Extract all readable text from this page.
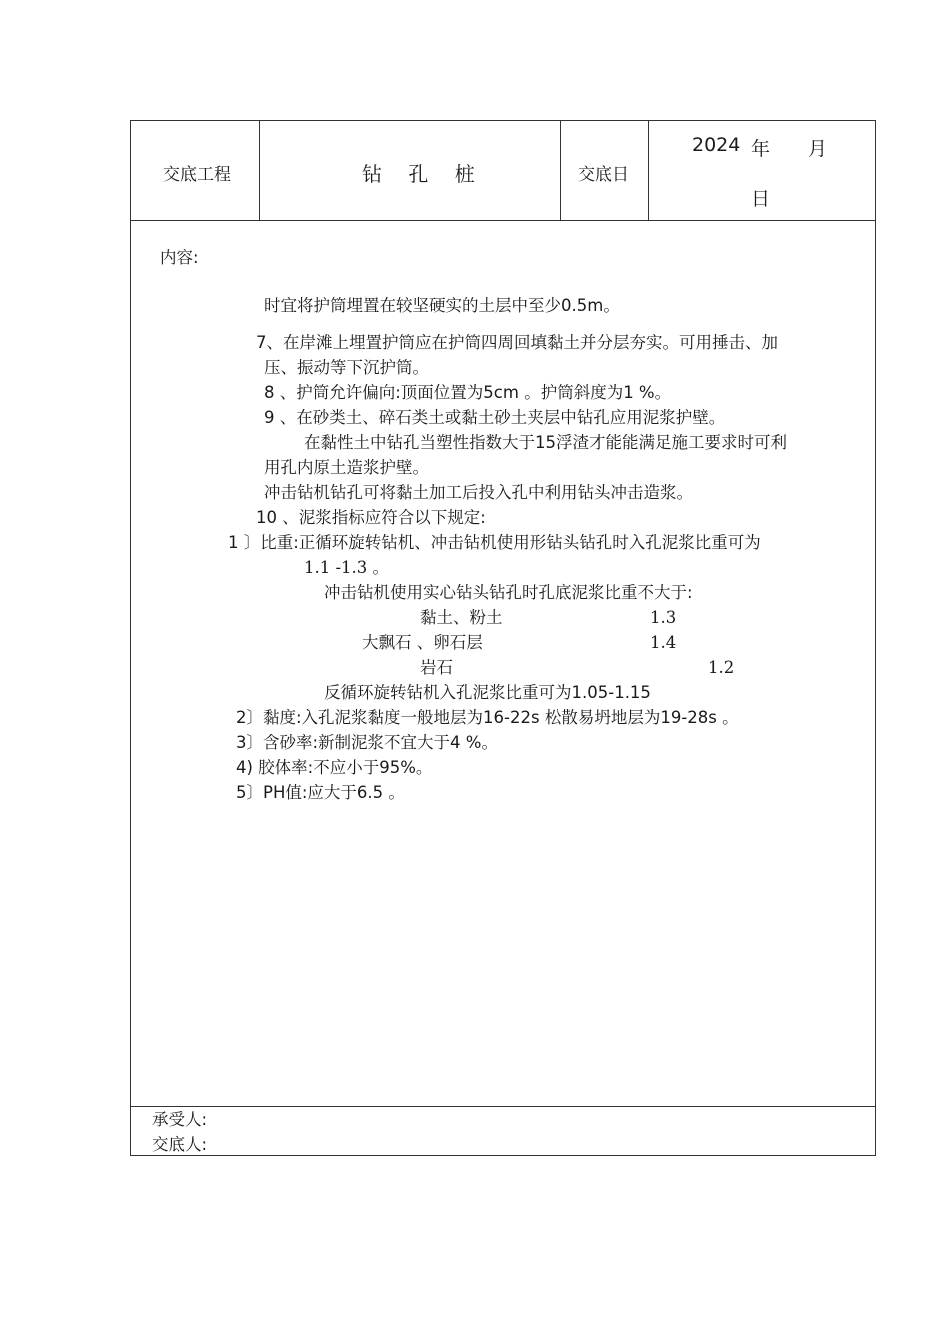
交底工程	钻 孔 桩	交底日
2024 年 月
日
内容:
时宜将护筒埋置在较坚硬实的土层中至少0.5m。
7、在岸滩上埋置护筒应在护筒四周回填黏土并分层夯实。可用捶击、加
压、振动等下沉护筒。
8 、护筒允许偏向:顶面位置为5cm 。护筒斜度为1 %。
9 、在砂类土、碎石类土或黏土砂土夹层中钻孔应用泥浆护壁。
在黏性土中钻孔当塑性指数大于15浮渣才能能满足施工要求时可利
用孔内原土造浆护壁。
冲击钻机钻孔可将黏土加工后投入孔中利用钻头冲击造浆。
10 、泥浆指标应符合以下规定:
1 〕比重:正循环旋转钻机、冲击钻机使用形钻头钻孔时入孔泥浆比重可为
1.1 -1.3 。
冲击钻机使用实心钻头钻孔时孔底泥浆比重不大于:
黏土、粉土	1.3
大飘石 、卵石层	1.4
岩石	1.2
反循环旋转钻机入孔泥浆比重可为1.05-1.15
2〕黏度:入孔泥浆黏度一般地层为16-22s 松散易坍地层为19-28s 。
3〕含砂率:新制泥浆不宜大于4 %。
4) 胶体率:不应小于95%。
5〕PH值:应大于6.5 。
承受人:
交底人:
